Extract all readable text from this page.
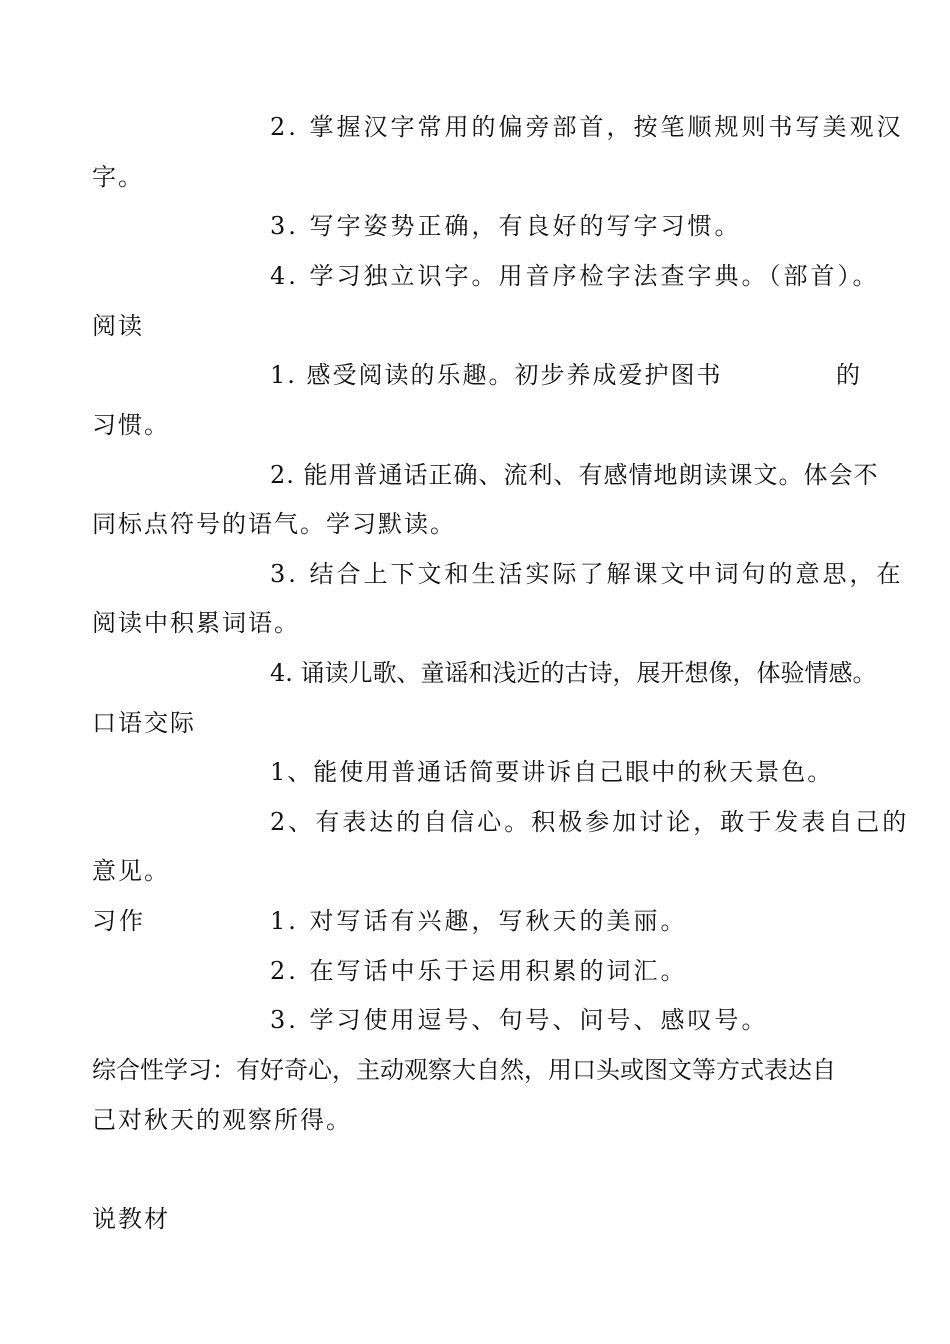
2. 掌握汉字常用的偏旁部首，按笔顺规则书写美观汉
字。
3. 写字姿势正确，有良好的写字习惯。
4. 学习独立识字。用音序检字法查字典。（部首）。
阅读
1. 感受阅读的乐趣。初步养成爱护图书	的
习惯。
2. 能用普通话正确、流利、有感情地朗读课文。体会不
同标点符号的语气。学习默读。
3. 结合上下文和生活实际了解课文中词句的意思，在
阅读中积累词语。
4. 诵读儿歌、童谣和浅近的古诗，展开想像，体验情感。
口语交际
1、能使用普通话简要讲诉自己眼中的秋天景色。
2、有表达的自信心。积极参加讨论，敢于发表自己的
意见。
习作	1. 对写话有兴趣，写秋天的美丽。
2. 在写话中乐于运用积累的词汇。
3. 学习使用逗号、句号、问号、感叹号。
综合性学习：有好奇心，主动观察大自然，用口头或图文等方式表达自
己对秋天的观察所得。
说教材
